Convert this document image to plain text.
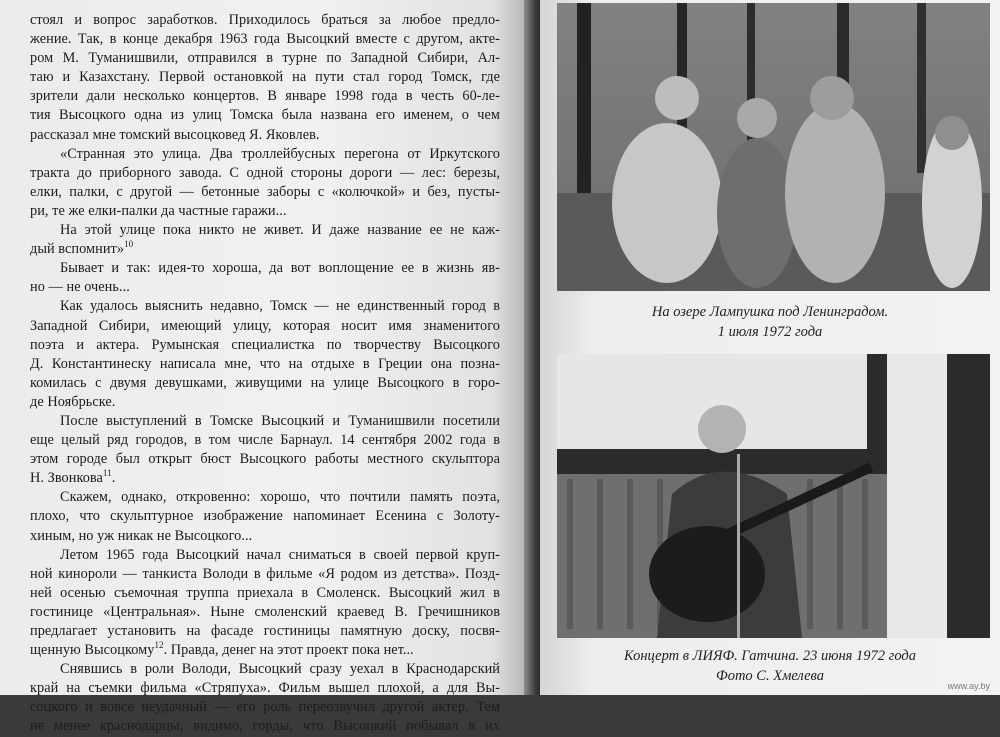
стоял и вопрос заработков. Приходилось браться за любое предло-
жение. Так, в конце декабря 1963 года Высоцкий вместе с другом, акте-
ром М. Туманишвили, отправился в турне по Западной Сибири, Ал-
таю и Казахстану. Первой остановкой на пути стал город Томск, где
зрители дали несколько концертов. В январе 1998 года в честь 60-ле-
тия Высоцкого одна из улиц Томска была названа его именем, о чем
рассказал мне томский высоцковед Я. Яковлев.
«Странная это улица. Два троллейбусных перегона от Иркутского
тракта до приборного завода. С одной стороны дороги — лес: березы,
елки, палки, с другой — бетонные заборы с «колючкой» и без, пусты-
ри, те же елки-палки да частные гаражи...
На этой улице пока никто не живет. И даже название ее не каж-
дый вспомнит»$^{10}$
Бывает и так: идея-то хороша, да вот воплощение ее в жизнь яв-
но — не очень...
Как удалось выяснить недавно, Томск — не единственный город в
Западной Сибири, имеющий улицу, которая носит имя знаменитого
поэта и актера. Румынская специалистка по творчеству Высоцкого
Д. Константинеску написала мне, что на отдыхе в Греции она позна-
комилась с двумя девушками, живущими на улице Высоцкого в горо-
де Ноябрьске.
После выступлений в Томске Высоцкий и Туманишвили посетили
еще целый ряд городов, в том числе Барнаул. 14 сентября 2002 года в
этом городе был открыт бюст Высоцкого работы местного скульптора
Н. Звонкова$^{11}$.
Скажем, однако, откровенно: хорошо, что почтили память поэта,
плохо, что скульптурное изображение напоминает Есенина с Золоту-
хиным, но уж никак не Высоцкого...
Летом 1965 года Высоцкий начал сниматься в своей первой круп-
ной кинороли — танкиста Володи в фильме «Я родом из детства». Позд-
ней осенью съемочная труппа приехала в Смоленск. Высоцкий жил в
гостинице «Центральная». Ныне смоленский краевед В. Гречишников
предлагает установить на фасаде гостиницы памятную доску, посвя-
щенную Высоцкому$^{12}$. Правда, денег на этот проект пока нет...
Снявшись в роли Володи, Высоцкий сразу уехал в Краснодарский
край на съемки фильма «Стряпуха». Фильм вышел плохой, а для Вы-
соцкого и вовсе неудачный — его роль переозвучил другой актер. Тем
не менее краснодарцы, видимо, горды, что Высоцкий побывал в их
На озере Лампушка под Ленинградом.
1 июля 1972 года
Концерт в ЛИЯФ. Гатчина. 23 июня 1972 года
Фото С. Хмелева
www.ay.by
